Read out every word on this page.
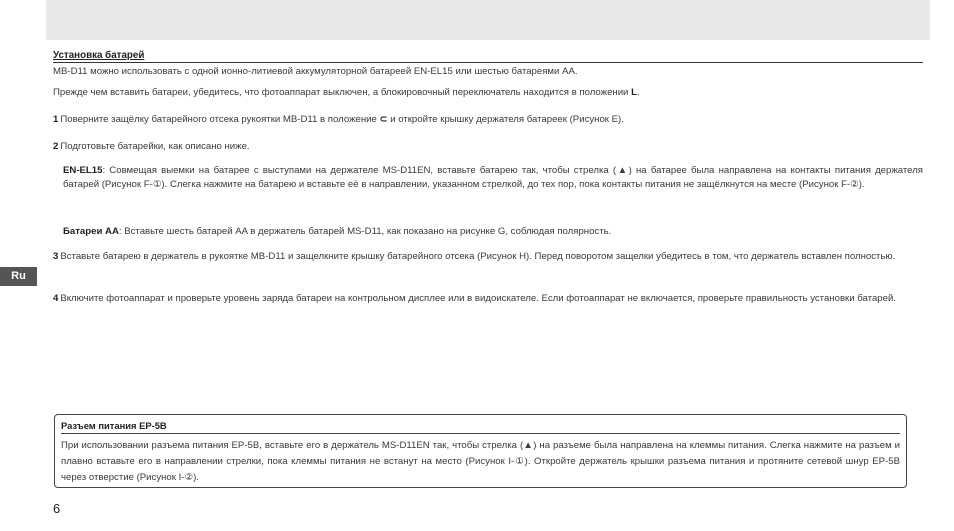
Установка батарей

MB-D11 можно использовать с одной ионно-литиевой аккумуляторной батареей EN-EL15 или шестью батареями AA.

Прежде чем вставить батареи, убедитесь, что фотоаппарат выключен, а блокировочный переключатель находится в положении L.

1 Поверните защёлку батарейного отсека рукоятки MB-D11 в положение ⊂ и откройте крышку держателя батареек (Рисунок E).

2 Подготовьте батарейки, как описано ниже.

EN-EL15: Совмещая выемки на батарее с выступами на держателе MS-D11EN, вставьте батарею так, чтобы стрелка (▲) на батарее была направлена на контакты питания держателя батарей (Рисунок F-①). Слегка нажмите на батарею и вставьте её в направлении, указанном стрелкой, до тех пор, пока контакты питания не защёлкнутся на месте (Рисунок F-②).

Батареи AA: Вставьте шесть батарей AA в держатель батарей MS-D11, как показано на рисунке G, соблюдая полярность.

3 Вставьте батарею в держатель в рукоятке MB-D11 и защелкните крышку батарейного отсека (Рисунок H). Перед поворотом защелки убедитесь в том, что держатель вставлен полностью.

4 Включите фотоаппарат и проверьте уровень заряда батареи на контрольном дисплее или в видоискателе. Если фотоаппарат не включается, проверьте правильность установки батарей.

Ru
Разъем питания EP-5B
При использовании разъема питания EP-5B, вставьте его в держатель MS-D11EN так, чтобы стрелка (▲) на разъеме была направлена на клеммы питания. Слегка нажмите на разъем и плавно вставьте его в направлении стрелки, пока клеммы питания не встанут на место (Рисунок I-①). Откройте держатель крышки разъема питания и протяните сетевой шнур EP-5B через отверстие (Рисунок I-②).
6
